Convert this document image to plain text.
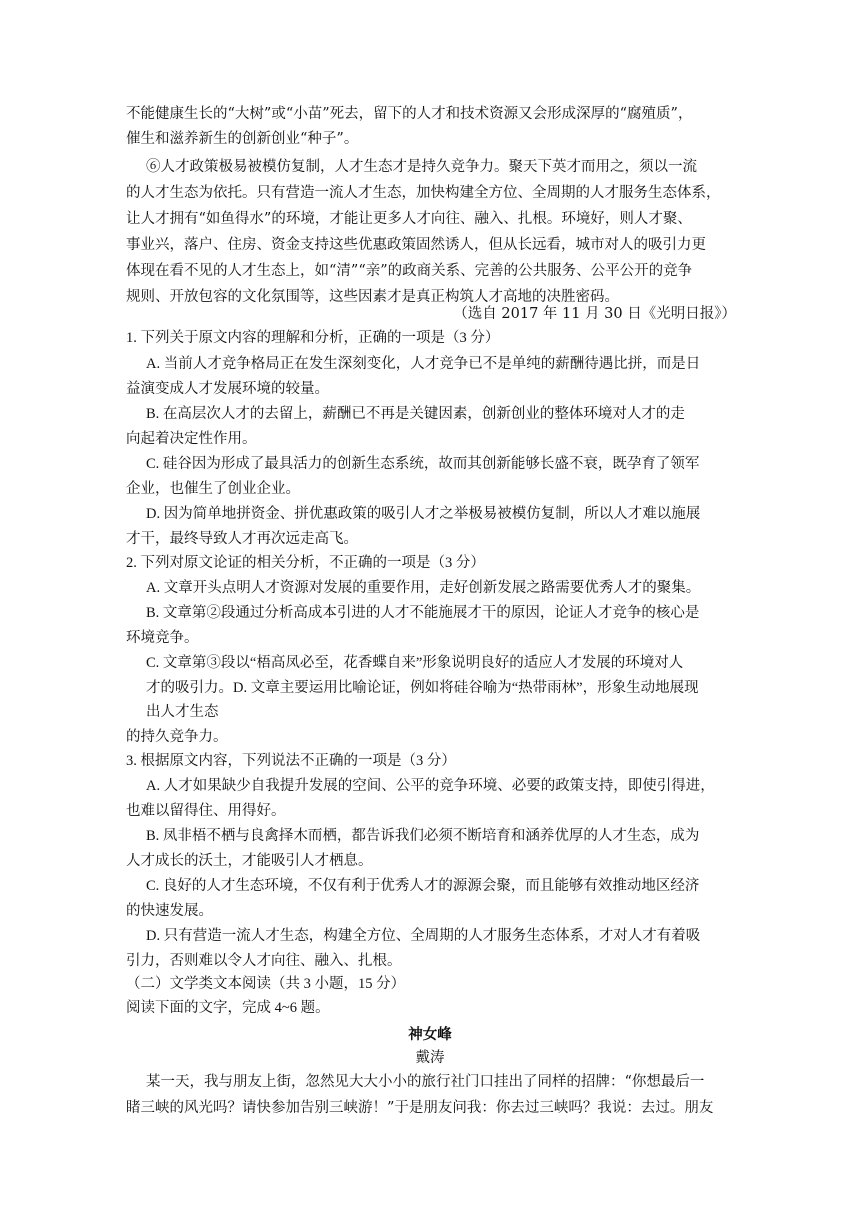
不能健康生长的“大树”或“小苗”死去，留下的人才和技术资源又会形成深厚的“腐殖质”，
催生和滋养新生的创新创业“种子”。
⑥人才政策极易被模仿复制，人才生态才是持久竞争力。聚天下英才而用之，须以一流
的人才生态为依托。只有营造一流人才生态，加快构建全方位、全周期的人才服务生态体系，
让人才拥有“如鱼得水”的环境，才能让更多人才向往、融入、扎根。环境好，则人才聚、
事业兴，落户、住房、资金支持这些优惠政策固然诱人，但从长远看，城市对人的吸引力更
体现在看不见的人才生态上，如“清”“亲”的政商关系、完善的公共服务、公平公开的竞争
规则、开放包容的文化氛围等，这些因素才是真正构筑人才高地的决胜密码。
（选自 2017 年 11 月 30 日《光明日报》）
1. 下列关于原文内容的理解和分析，正确的一项是（3 分）
A. 当前人才竞争格局正在发生深刻变化，人才竞争已不是单纯的薪酬待遇比拼，而是日
益演变成人才发展环境的较量。
B. 在高层次人才的去留上，薪酬已不再是关键因素，创新创业的整体环境对人才的走
向起着决定性作用。
C. 硅谷因为形成了最具活力的创新生态系统，故而其创新能够长盛不衰，既孕育了领军
企业，也催生了创业企业。
D. 因为简单地拼资金、拼优惠政策的吸引人才之举极易被模仿复制，所以人才难以施展
才干，最终导致人才再次远走高飞。
2. 下列对原文论证的相关分析，不正确的一项是（3 分）
A. 文章开头点明人才资源对发展的重要作用，走好创新发展之路需要优秀人才的聚集。
B. 文章第②段通过分析高成本引进的人才不能施展才干的原因，论证人才竞争的核心是
环境竞争。
C. 文章第③段以“梧高凤必至，花香蝶自来”形象说明良好的适应人才发展的环境对人
才的吸引力。D. 文章主要运用比喻论证，例如将硅谷喻为“热带雨林”，形象生动地展现
出人才生态
的持久竞争力。
3. 根据原文内容，下列说法不正确的一项是（3 分）
A. 人才如果缺少自我提升发展的空间、公平的竞争环境、必要的政策支持，即使引得进，
也难以留得住、用得好。
B. 凤非梧不栖与良禽择木而栖，都告诉我们必须不断培育和涵养优厚的人才生态，成为
人才成长的沃土，才能吸引人才栖息。
C. 良好的人才生态环境，不仅有利于优秀人才的源源会聚，而且能够有效推动地区经济
的快速发展。
D. 只有营造一流人才生态，构建全方位、全周期的人才服务生态体系，才对人才有着吸
引力，否则难以令人才向往、融入、扎根。
（二）文学类文本阅读（共 3 小题，15 分）
阅读下面的文字，完成 4~6 题。
神女峰
戴涛
某一天，我与朋友上街，忽然见大大小小的旅行社门口挂出了同样的招牌：“你想最后一
睹三峡的风光吗？请快参加告别三峡游！”于是朋友问我：你去过三峡吗？我说：去过。朋友
